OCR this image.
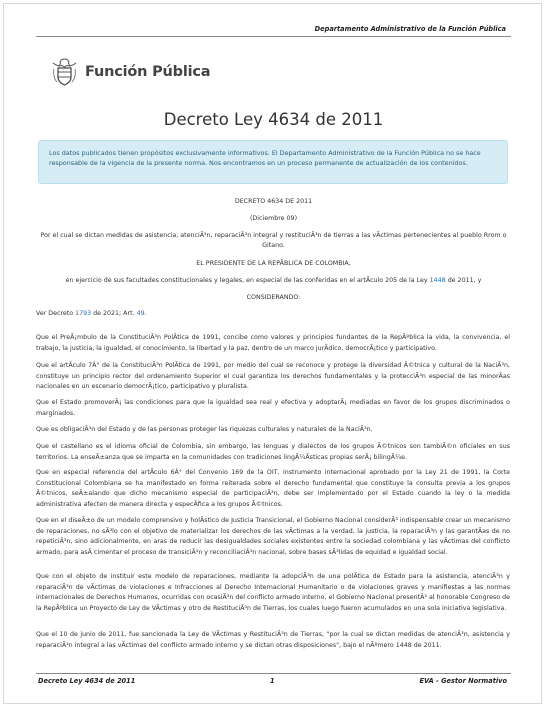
Departamento Administrativo de la Función Pública
Función Pública
Decreto Ley 4634 de 2011
Los datos publicados tienen propósitos exclusivamente informativos. El Departamento Administrativo de la Función Pública no se hace responsable de la vigencia de la presente norma. Nos encontramos en un proceso permanente de actualización de los contenidos.
DECRETO 4634 DE 2011
(Diciembre 09)
Por el cual se dictan medidas de asistencia, atenciÃ³n, reparaciÃ³n integral y restituciÃ³n de tierras a las vÃctimas pertenecientes al pueblo Rrom o Gitano.
EL PRESIDENTE DE LA REPÃBLICA DE COLOMBIA,
en ejercicio de sus facultades constitucionales y legales, en especial de las conferidas en el artÃculo 205 de la Ley 1448 de 2011, y
CONSIDERANDO:
Ver Decreto 1793 de 2021; Art. 49.
Que el PreÃ¡mbulo de la ConstituciÃ³n PolÃtica de 1991, concibe como valores y principios fundantes de la RepÃºblica la vida, la convivencia, el trabajo, la justicia, la igualdad, el conocimiento, la libertad y la paz, dentro de un marco jurÃdico, democrÃ¡tico y participativo.
Que el artÃculo 7Â° de la ConstituciÃ³n PolÃtica de 1991, por medio del cual se reconoce y protege la diversidad Ã©tnica y cultural de la NaciÃ³n, constituye un principio rector del ordenamiento Superior el cual garantiza los derechos fundamentales y la protecciÃ³n especial de las minorÃas nacionales en un escenario democrÃ¡tico, participativo y pluralista.
Que el Estado promoverÃ¡ las condiciones para que la igualdad sea real y efectiva y adoptarÃ¡ mediadas en favor de los grupos discriminados o marginados.
Que es obligaciÃ³n del Estado y de las personas proteger las riquezas culturales y naturales de la NaciÃ³n.
Que el castellano es el idioma oficial de Colombia, sin embargo, las lenguas y dialectos de los grupos Ã©tnicos son tambiÃ©n oficiales en sus territorios. La enseÃ±anza que se imparta en la comunidades con tradiciones lingÃ¼Ãsticas propias serÃ¡ bilingÃ¼e.
Que en especial referencia del artÃculo 6Â° del Convenio 169 de la OIT, instrumento internacional aprobado por la Ley 21 de 1991, la Corte Constitucional Colombiana se ha manifestado en forma reiterada sobre el derecho fundamental que constituye la consulta previa a los grupos Ã©tnicos, seÃ±alando que dicho mecanismo especial de participaciÃ³n, debe ser implementado por el Estado cuando la ley o la medida administrativa afecten de manera directa y especÃfica a los grupos Ã©tnicos.
Que en el diseÃ±o de un modelo comprensivo y holÃstico de Justicia Transicional, el Gobierno Nacional considerÃ³ indispensable crear un mecanismo de reparaciones, no sÃ³lo con el objetivo de materializar los derechos de las vÃctimas a la verdad, la justicia, la reparaciÃ³n y las garantÃas de no repeticiÃ³n, sino adicionalmente, en aras de reducir las desigualdades sociales existentes entre la sociedad colombiana y las vÃctimas del conflicto armado, para asÃ cimentar el proceso de transiciÃ³n y reconciliaciÃ³n nacional, sobre bases sÃ³lidas de equidad e igualdad social.
Que con el objeto de instituir este modelo de reparaciones, mediante la adopciÃ³n de una polÃtica de Estado para la asistencia, atenciÃ³n y reparaciÃ³n de vÃctimas de violaciones e Infracciones al Derecho Internacional Humanitario o de violaciones graves y manifiestas a las normas internacionales de Derechos Humanos, ocurridas con ocasiÃ³n del conflicto armado interno, el Gobierno Nacional presentÃ³ al honorable Congreso de la RepÃºblica un Proyecto de Ley de VÃctimas y otro de RestituciÃ³n de Tierras, los cuales luego fueron acumulados en una sola iniciativa legislativa.
Que el 10 de junio de 2011, fue sancionada la Ley de VÃctimas y RestituciÃ³n de Tierras, "por la cual se dictan medidas de atenciÃ³n, asistencia y reparaciÃ³n integral a las vÃctimas del conflicto armado interno y se dictan otras disposiciones", bajo el nÃºmero 1448 de 2011.
Decreto Ley 4634 de 2011	1	EVA - Gestor Normativo
